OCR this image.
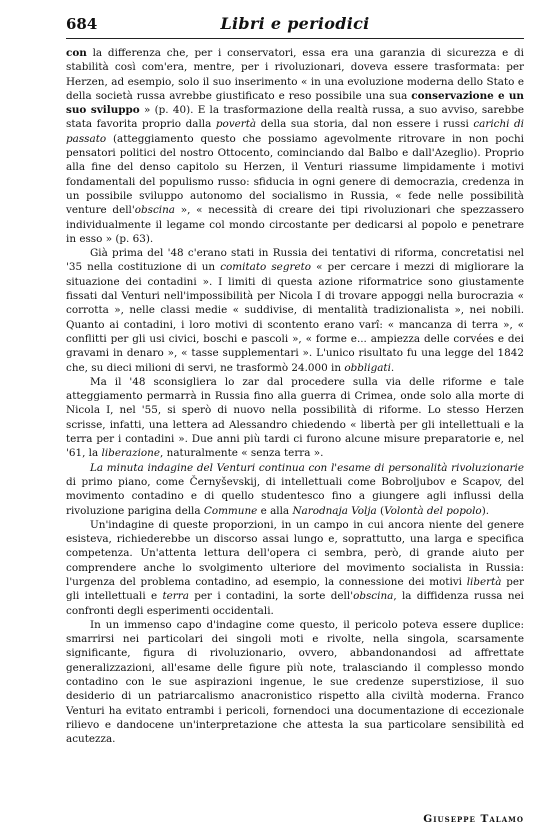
684	Libri e periodici

con la differenza che, per i conservatori, essa era una garanzia di sicurezza e di stabilità così com'era, mentre, per i rivoluzionari, doveva essere trasformata: per Herzen, ad esempio, solo il suo inserimento « in una evoluzione moderna dello Stato e della società russa avrebbe giustificato e reso possibile una sua conservazione e un suo sviluppo » (p. 40). E la trasformazione della realtà russa, a suo avviso, sarebbe stata favorita proprio dalla povertà della sua storia, dal non essere i russi carichi di passato (atteggiamento questo che possiamo agevolmente ritrovare in non pochi pensatori politici del nostro Ottocento, cominciando dal Balbo e dall'Azeglio). Proprio alla fine del denso capitolo su Herzen, il Venturi riassume limpidamente i motivi fondamentali del populismo russo: sfiducia in ogni genere di democrazia, credenza in un possibile sviluppo autonomo del socialismo in Russia, « fede nelle possibilità venture dell'obscina », « necessità di creare dei tipi rivoluzionari che spezzassero individualmente il legame col mondo circostante per dedicarsi al popolo e penetrare in esso » (p. 63).

Già prima del '48 c'erano stati in Russia dei tentativi di riforma, concretatisi nel '35 nella costituzione di un comitato segreto « per cercare i mezzi di migliorare la situazione dei contadini ». I limiti di questa azione riformatrice sono giustamente fissati dal Venturi nell'impossibilità per Nicola I di trovare appoggi nella burocrazia « corrotta », nelle classi medie « suddivise, di mentalità tradizionalista », nei nobili. Quanto ai contadini, i loro motivi di scontento erano varî: « mancanza di terra », « conflitti per gli usi civici, boschi e pascoli », « forme e... ampiezza delle corvées e dei gravami in denaro », « tasse supplementari ». L'unico risultato fu una legge del 1842 che, su dieci milioni di servi, ne trasformò 24.000 in obbligati.

Ma il '48 sconsigliera lo zar dal procedere sulla via delle riforme e tale atteggiamento permarrà in Russia fino alla guerra di Crimea, onde solo alla morte di Nicola I, nel '55, si sperò di nuovo nella possibilità di riforme. Lo stesso Herzen scrisse, infatti, una lettera ad Alessandro chiedendo « libertà per gli intellettuali e la terra per i contadini ». Due anni più tardi ci furono alcune misure preparatorie e, nel '61, la liberazione, naturalmente « senza terra ».

La minuta indagine del Venturi continua con l'esame di personalità rivoluzionarie di primo piano, come Černyševskij, di intellettuali come Bobroljubov e Scapov, del movimento contadino e di quello studentesco fino a giungere agli influssi della rivoluzione parigina della Commune e alla Narodnaja Volja (Volontà del popolo).

Un'indagine di queste proporzioni, in un campo in cui ancora niente del genere esisteva, richiederebbe un discorso assai lungo e, soprattutto, una larga e specifica competenza. Un'attenta lettura dell'opera ci sembra, però, di grande aiuto per comprendere anche lo svolgimento ulteriore del movimento socialista in Russia: l'urgenza del problema contadino, ad esempio, la connessione dei motivi libertà per gli intellettuali e terra per i contadini, la sorte dell'obscina, la diffidenza russa nei confronti degli esperimenti occidentali.

In un immenso capo d'indagine come questo, il pericolo poteva essere duplice: smarrirsi nei particolari dei singoli moti e rivolte, nella singola, scarsamente significante, figura di rivoluzionario, ovvero, abbandonandosi ad affrettate generalizzazioni, all'esame delle figure più note, tralasciando il complesso mondo contadino con le sue aspirazioni ingenue, le sue credenze superstiziose, il suo desiderio di un patriarcalismo anacronistico rispetto alla civiltà moderna. Franco Venturi ha evitato entrambi i pericoli, fornendoci una documentazione di eccezionale rilievo e dandocene un'interpretazione che attesta la sua particolare sensibilità ed acutezza.

Giuseppe Talamo
